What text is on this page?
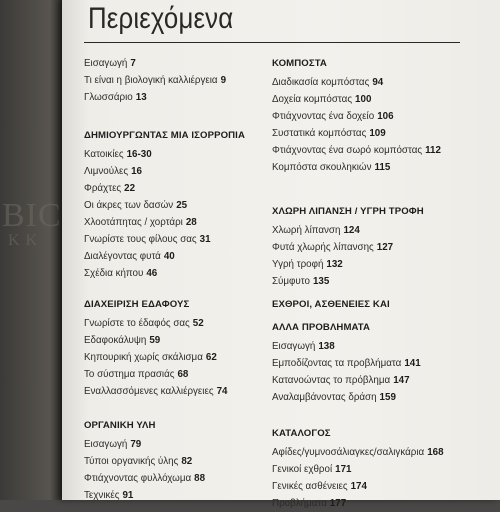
BIC
K K
Περιεχόμενα
Εισαγωγή 7
Τι είναι η βιολογική καλλιέργεια 9
Γλωσσάριο 13
ΔΗΜΙΟΥΡΓΩΝΤΑΣ ΜΙΑ ΙΣΟΡΡΟΠΙΑ
Κατοικίες 16-30
Λιμνούλες 16
Φράχτες 22
Οι άκρες των δασών 25
Χλοοτάπητας / χορτάρι 28
Γνωρίστε τους φίλους σας 31
Διαλέγοντας φυτά 40
Σχέδια κήπου 46
ΔΙΑΧΕΙΡΙΣΗ ΕΔΑΦΟΥΣ
Γνωρίστε το έδαφός σας 52
Εδαφοκάλυψη 59
Κηπουρική χωρίς σκάλισμα 62
Το σύστημα πρασιάς 68
Εναλλασσόμενες καλλιέργειες 74
ΟΡΓΑΝΙΚΗ ΥΛΗ
Εισαγωγή 79
Τύποι οργανικής ύλης 82
Φτιάχνοντας φυλλόχωμα 88
Τεχνικές 91
ΚΟΜΠΟΣΤΑ
Διαδικασία κομπόστας 94
Δοχεία κομπόστας 100
Φτιάχνοντας ένα δοχείο 106
Συστατικά κομπόστας 109
Φτιάχνοντας ένα σωρό κομπόστας 112
Κομπόστα σκουληκιών 115
ΧΛΩΡΗ ΛΙΠΑΝΣΗ / ΥΓΡΗ ΤΡΟΦΗ
Χλωρή λίπανση 124
Φυτά χλωρής λίπανσης 127
Υγρή τροφή 132
Σύμφυτο 135
ΕΧΘΡΟΙ, ΑΣΘΕΝΕΙΕΣ ΚΑΙ
ΑΛΛΑ ΠΡΟΒΛΗΜΑΤΑ
Εισαγωγή 138
Εμποδίζοντας τα προβλήματα 141
Κατανοώντας το πρόβλημα 147
Αναλαμβάνοντας δράση 159
ΚΑΤΑΛΟΓΟΣ
Αφίδες/γυμνοσάλιαγκες/σαλιγκάρια 168
Γενικοί εχθροί 171
Γενικές ασθένειες 174
Προβλήματα 177
